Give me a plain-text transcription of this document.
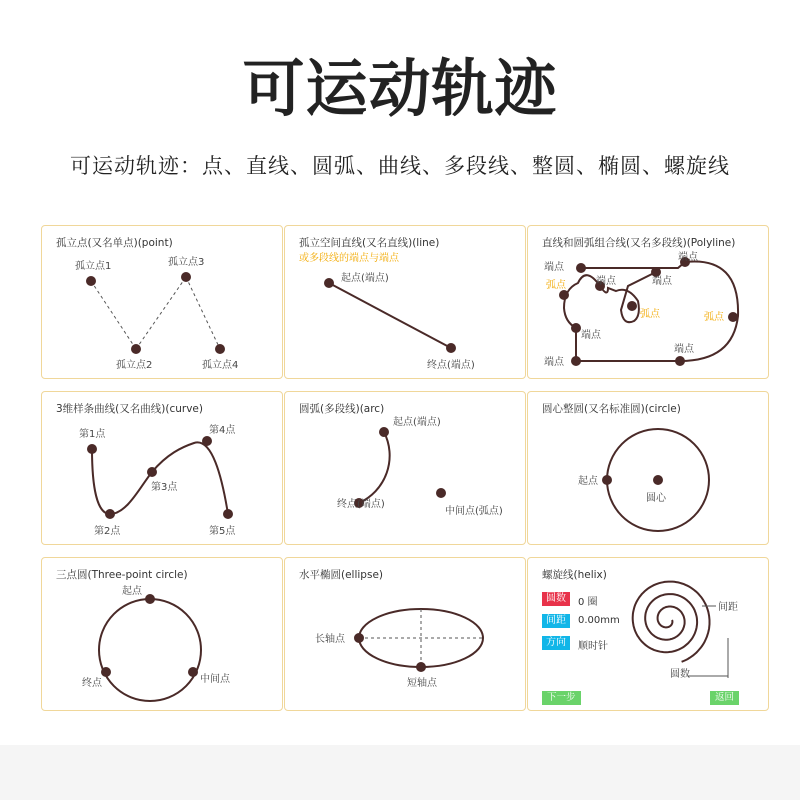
可运动轨迹
可运动轨迹：点、直线、圆弧、曲线、多段线、整圆、椭圆、螺旋线
孤立点(又名单点)(point)
孤立点1	孤立点3
孤立点2	孤立点4
孤立空间直线(又名直线)(line)
或多段线的端点与端点
起点(端点)
终点(端点)
直线和圆弧组合线(又名多段线)(Polyline)
端点
端点	端点
端点
弧点
弧点	弧点
端点
端点
端点
3维样条曲线(又名曲线)(curve)
第1点
第2点
第3点
第4点
第5点
圆弧(多段线)(arc)
起点(端点)
终点(端点)
中间点(弧点)
圆心整圆(又名标准圆)(circle)
起点
圆心
三点圆(Three-point circle)
起点
终点	中间点
水平椭圆(ellipse)
长轴点
短轴点
螺旋线(helix)
圆数	0 圈
间距	0.00mm
方向	顺时针
间距
圆数
下一步	返回
